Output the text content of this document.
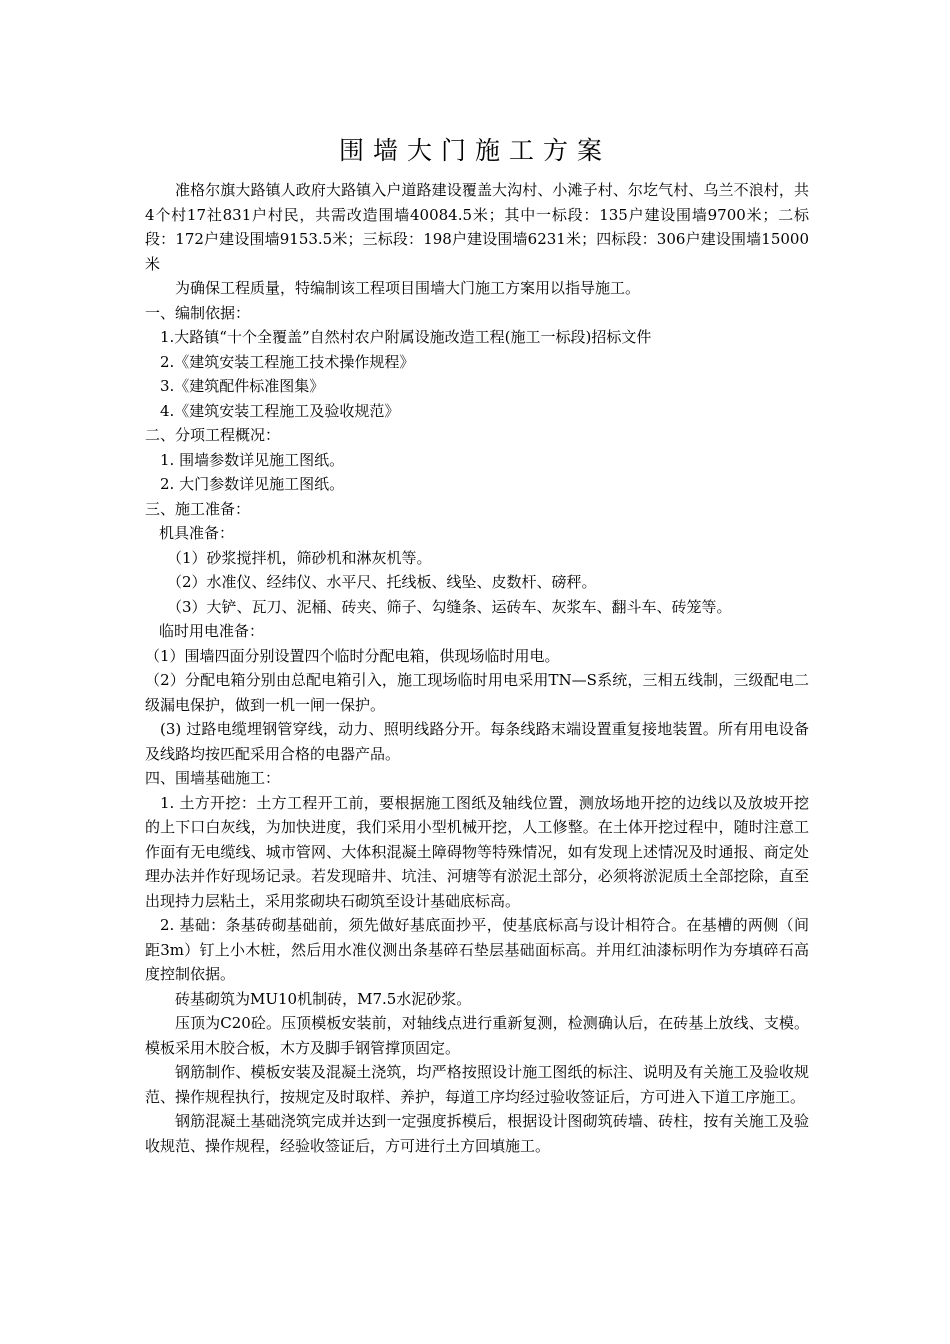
围墙大门施工方案

准格尔旗大路镇人政府大路镇入户道路建设覆盖大沟村、小滩子村、尔圪气村、乌兰不浪村，共4个村17社831户村民，共需改造围墙40084.5米；其中一标段：135户建设围墙9700米；二标段：172户建设围墙9153.5米；三标段：198户建设围墙6231米；四标段：306户建设围墙15000米

为确保工程质量，特编制该工程项目围墙大门施工方案用以指导施工。

一、编制依据：

1.大路镇“十个全覆盖”自然村农户附属设施改造工程(施工一标段)招标文件

2.《建筑安装工程施工技术操作规程》

3.《建筑配件标准图集》

4.《建筑安装工程施工及验收规范》

二、分项工程概况：

1. 围墙参数详见施工图纸。

2. 大门参数详见施工图纸。

三、施工准备：

机具准备：

（1）砂浆搅拌机，筛砂机和淋灰机等。

（2）水准仪、经纬仪、水平尺、托线板、线坠、皮数杆、磅秤。

（3）大铲、瓦刀、泥桶、砖夹、筛子、勾缝条、运砖车、灰浆车、翻斗车、砖笼等。

临时用电准备：

（1）围墙四面分别设置四个临时分配电箱，供现场临时用电。

（2）分配电箱分别由总配电箱引入，施工现场临时用电采用TN—S系统，三相五线制，三级配电二级漏电保护，做到一机一闸一保护。

(3) 过路电缆埋钢管穿线，动力、照明线路分开。每条线路末端设置重复接地装置。所有用电设备及线路均按匹配采用合格的电器产品。

四、围墙基础施工：

1. 土方开挖：土方工程开工前，要根据施工图纸及轴线位置，测放场地开挖的边线以及放坡开挖的上下口白灰线，为加快进度，我们采用小型机械开挖，人工修整。在土体开挖过程中，随时注意工作面有无电缆线、城市管网、大体积混凝土障碍物等特殊情况，如有发现上述情况及时通报、商定处理办法并作好现场记录。若发现暗井、坑洼、河塘等有淤泥土部分，必须将淤泥质土全部挖除，直至出现持力层粘土，采用浆砌块石砌筑至设计基础底标高。

2. 基础：条基砖砌基础前，须先做好基底面抄平，使基底标高与设计相符合。在基槽的两侧（间距3m）钉上小木桩，然后用水准仪测出条基碎石垫层基础面标高。并用红油漆标明作为夯填碎石高度控制依据。

砖基砌筑为MU10机制砖，M7.5水泥砂浆。

压顶为C20砼。压顶模板安装前，对轴线点进行重新复测，检测确认后，在砖基上放线、支模。模板采用木胶合板，木方及脚手钢管撑顶固定。

钢筋制作、模板安装及混凝土浇筑，均严格按照设计施工图纸的标注、说明及有关施工及验收规范、操作规程执行，按规定及时取样、养护，每道工序均经过验收签证后，方可进入下道工序施工。

钢筋混凝土基础浇筑完成并达到一定强度拆模后，根据设计图砌筑砖墙、砖柱，按有关施工及验收规范、操作规程，经验收签证后，方可进行土方回填施工。
